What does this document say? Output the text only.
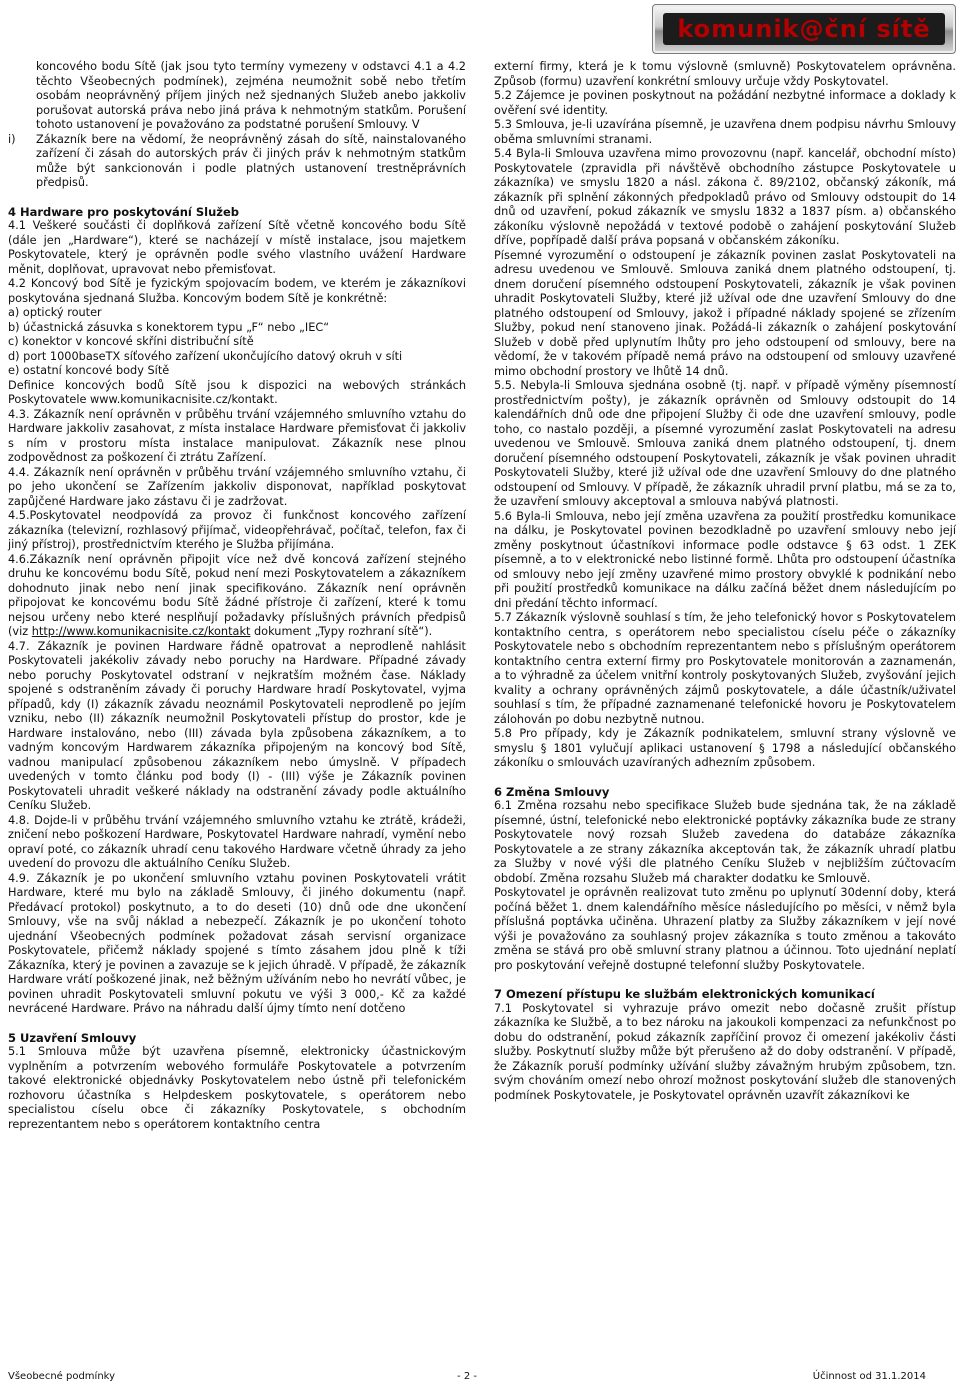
komunik@ční sítě

koncového bodu Sítě (jak jsou tyto termíny vymezeny v odstavci 4.1 a 4.2 těchto Všeobecných podmínek), zejména neumožnit sobě nebo třetím osobám neoprávněný příjem jiných než sjednaných Služeb anebo jakkoliv porušovat autorská práva nebo jiná práva k nehmotným statkům. Porušení tohoto ustanovení je považováno za podstatné porušení Smlouvy. V

i) Zákazník bere na vědomí, že neoprávněný zásah do sítě, nainstalovaného zařízení či zásah do autorských práv či jiných práv k nehmotným statkům může být sankcionován i podle platných ustanovení trestněprávních předpisů.

4 Hardware pro poskytování Služeb

4.1 Veškeré součásti či doplňková zařízení Sítě včetně koncového bodu Sítě (dále jen „Hardware“), které se nacházejí v místě instalace, jsou majetkem Poskytovatele, který je oprávněn podle svého vlastního uvážení Hardware měnit, doplňovat, upravovat nebo přemisťovat.

4.2 Koncový bod Sítě je fyzickým spojovacím bodem, ve kterém je zákazníkovi poskytována sjednaná Služba. Koncovým bodem Sítě je konkrétně:

a) optický router

b) účastnická zásuvka s konektorem typu „F“ nebo „IEC“

c) konektor v koncové skříni distribuční sítě

d) port 1000baseTX síťového zařízení ukončujícího datový okruh v síti

e) ostatní koncové body Sítě

Definice koncových bodů Sítě jsou k dispozici na webových stránkách Poskytovatele www.komunikacnisite.cz/kontakt.

4.3. Zákazník není oprávněn v průběhu trvání vzájemného smluvního vztahu do Hardware jakkoliv zasahovat, z místa instalace Hardware přemisťovat či jakkoliv s ním v prostoru místa instalace manipulovat. Zákazník nese plnou zodpovědnost za poškození či ztrátu Zařízení.

4.4. Zákazník není oprávněn v průběhu trvání vzájemného smluvního vztahu, či po jeho ukončení se Zařízením jakkoliv disponovat, například poskytovat zapůjčené Hardware jako zástavu či je zadržovat.

4.5.Poskytovatel neodpovídá za provoz či funkčnost koncového zařízení zákazníka (televizní, rozhlasový přijímač, videopřehrávač, počítač, telefon, fax či jiný přístroj), prostřednictvím kterého je Služba přijímána.

4.6.Zákazník není oprávněn připojit více než dvě koncová zařízení stejného druhu ke koncovému bodu Sítě, pokud není mezi Poskytovatelem a zákazníkem dohodnuto jinak nebo není jinak specifikováno. Zákazník není oprávněn připojovat ke koncovému bodu Sítě žádné přístroje či zařízení, které k tomu nejsou určeny nebo které nesplňují požadavky příslušných právních předpisů (viz http://www.komunikacnisite.cz/kontakt dokument „Typy rozhraní sítě“).

4.7. Zákazník je povinen Hardware řádně opatrovat a neprodleně nahlásit Poskytovateli jakékoliv závady nebo poruchy na Hardware. Případné závady nebo poruchy Poskytovatel odstraní v nejkratším možném čase. Náklady spojené s odstraněním závady či poruchy Hardware hradí Poskytovatel, vyjma případů, kdy (I) zákazník závadu neoznámil Poskytovateli neprodleně po jejím vzniku, nebo (II) zákazník neumožnil Poskytovateli přístup do prostor, kde je Hardware instalováno, nebo (III) závada byla způsobena zákazníkem, a to vadným koncovým Hardwarem zákazníka připojeným na koncový bod Sítě, vadnou manipulací způsobenou zákazníkem nebo úmyslně. V případech uvedených v tomto článku pod body (I) - (III) výše je Zákazník povinen Poskytovateli uhradit veškeré náklady na odstranění závady podle aktuálního Ceníku Služeb.

4.8. Dojde-li v průběhu trvání vzájemného smluvního vztahu ke ztrátě, krádeži, zničení nebo poškození Hardware, Poskytovatel Hardware nahradí, vymění nebo opraví poté, co zákazník uhradí cenu takového Hardware včetně úhrady za jeho uvedení do provozu dle aktuálního Ceníku Služeb.

4.9. Zákazník je po ukončení smluvního vztahu povinen Poskytovateli vrátit Hardware, které mu bylo na základě Smlouvy, či jiného dokumentu (např. Předávací protokol) poskytnuto, a to do deseti (10) dnů ode dne ukončení Smlouvy, vše na svůj náklad a nebezpečí. Zákazník je po ukončení tohoto ujednání Všeobecných podmínek požadovat zásah servisní organizace Poskytovatele, přičemž náklady spojené s tímto zásahem jdou plně k tíži Zákazníka, který je povinen a zavazuje se k jejich úhradě. V případě, že zákazník Hardware vrátí poškozené jinak, než běžným užíváním nebo ho nevrátí vůbec, je povinen uhradit Poskytovateli smluvní pokutu ve výši 3 000,- Kč za každé nevrácené Hardware. Právo na náhradu další újmy tímto není dotčeno

5 Uzavření Smlouvy

5.1 Smlouva může být uzavřena písemně, elektronicky účastnickovým vyplněním a potvrzením webového formuláře Poskytovatele a potvrzením takové elektronické objednávky Poskytovatelem nebo ústně při telefonickém rozhovoru účastníka s Helpdeskem poskytovatele, s operátorem nebo specialistou císelu obce či zákazníky Poskytovatele, s obchodním reprezentantem nebo s operátorem kontaktního centra

externí firmy, která je k tomu výslovně (smluvně) Poskytovatelem oprávněna. Způsob (formu) uzavření konkrétní smlouvy určuje vždy Poskytovatel.

5.2 Zájemce je povinen poskytnout na požádání nezbytné informace a doklady k ověření své identity.

5.3 Smlouva, je-li uzavírána písemně, je uzavřena dnem podpisu návrhu Smlouvy oběma smluvními stranami.

5.4 Byla-li Smlouva uzavřena mimo provozovnu (např. kancelář, obchodní místo) Poskytovatele (zpravidla při návštěvě obchodního zástupce Poskytovatele u zákazníka) ve smyslu 1820 a násl. zákona č. 89/2102, občanský zákoník, má zákazník při splnění zákonných předpokladů právo od Smlouvy odstoupit do 14 dnů od uzavření, pokud zákazník ve smyslu 1832 a 1837 písm. a) občanského zákoníku výslovně nepožádá v textové podobě o zahájení poskytování Služeb dříve, popřípadě další práva popsaná v občanském zákoníku.

Písemné vyrozumění o odstoupení je zákazník povinen zaslat Poskytovateli na adresu uvedenou ve Smlouvě. Smlouva zaniká dnem platného odstoupení, tj. dnem doručení písemného odstoupení Poskytovateli, zákazník je však povinen uhradit Poskytovateli Služby, které již užíval ode dne uzavření Smlouvy do dne platného odstoupení od Smlouvy, jakož i případné náklady spojené se zřízením Služby, pokud není stanoveno jinak. Požádá-li zákazník o zahájení poskytování Služeb v době před uplynutím lhůty pro jeho odstoupení od smlouvy, bere na vědomí, že v takovém případě nemá právo na odstoupení od smlouvy uzavřené mimo obchodní prostory ve lhůtě 14 dnů.

5.5. Nebyla-li Smlouva sjednána osobně (tj. např. v případě výměny písemností prostřednictvím pošty), je zákazník oprávněn od Smlouvy odstoupit do 14 kalendářních dnů ode dne připojení Služby či ode dne uzavření smlouvy, podle toho, co nastalo později, a písemné vyrozumění zaslat Poskytovateli na adresu uvedenou ve Smlouvě. Smlouva zaniká dnem platného odstoupení, tj. dnem doručení písemného odstoupení Poskytovateli, zákazník je však povinen uhradit Poskytovateli Služby, které již užíval ode dne uzavření Smlouvy do dne platného odstoupení od Smlouvy. V případě, že zákazník uhradil první platbu, má se za to, že uzavření smlouvy akceptoval a smlouva nabývá platnosti.

5.6 Byla-li Smlouva, nebo její změna uzavřena za použití prostředku komunikace na dálku, je Poskytovatel povinen bezodkladně po uzavření smlouvy nebo její změny poskytnout účastníkovi informace podle odstavce § 63 odst. 1 ZEK písemně, a to v elektronické nebo listinné formě. Lhůta pro odstoupení účastníka od smlouvy nebo její změny uzavřené mimo prostory obvyklé k podnikání nebo při použití prostředků komunikace na dálku začíná běžet dnem následujícím po dni předání těchto informací.

5.7 Zákazník výslovně souhlasí s tím, že jeho telefonický hovor s Poskytovatelem kontaktního centra, s operátorem nebo specialistou císelu péče o zákazníky Poskytovatele nebo s obchodním reprezentantem nebo s příslušným operátorem kontaktního centra externí firmy pro Poskytovatele monitorován a zaznamenán, a to výhradně za účelem vnitřní kontroly poskytovaných Služeb, zvyšování jejich kvality a ochrany oprávněných zájmů poskytovatele, a dále účastník/uživatel souhlasí s tím, že případné zaznamenané telefonické hovoru je Poskytovatelem zálohován po dobu nezbytně nutnou.

5.8 Pro případy, kdy je Zákazník podnikatelem, smluvní strany výslovně ve smyslu § 1801 vylučují aplikaci ustanovení § 1798 a následující občanského zákoníku o smlouvách uzavíraných adhezním způsobem.

6 Změna Smlouvy

6.1 Změna rozsahu nebo specifikace Služeb bude sjednána tak, že na základě písemné, ústní, telefonické nebo elektronické poptávky zákazníka bude ze strany Poskytovatele nový rozsah Služeb zavedena do databáze zákazníka Poskytovatele a ze strany zákazníka akceptován tak, že zákazník uhradí platbu za Služby v nové výši dle platného Ceníku Služeb v nejbližším zúčtovacím období. Změna rozsahu Služeb má charakter dodatku ke Smlouvě.

Poskytovatel je oprávněn realizovat tuto změnu po uplynutí 30denní doby, která počíná běžet 1. dnem kalendářního měsíce následujícího po měsíci, v němž byla příslušná poptávka učiněna. Uhrazení platby za Služby zákazníkem v její nové výši je považováno za souhlasný projev zákazníka s touto změnou a takováto změna se stává pro obě smluvní strany platnou a účinnou. Toto ujednání neplatí pro poskytování veřejně dostupné telefonní služby Poskytovatele.

7 Omezení přístupu ke službám elektronických komunikací

7.1 Poskytovatel si vyhrazuje právo omezit nebo dočasně zrušit přístup zákazníka ke Službě, a to bez nároku na jakoukoli kompenzaci za nefunkčnost po dobu do odstranění, pokud zákazník zapříčiní provoz či omezení jakékoliv části služby. Poskytnutí služby může být přerušeno až do doby odstranění. V případě, že Zákazník poruší podmínky užívání služby závažným hrubým způsobem, tzn. svým chováním omezí nebo ohrozí možnost poskytování služeb dle stanovených podmínek Poskytovatele, je Poskytovatel oprávněn uzavřít zákazníkovi ke

Všeobecné podmínky	- 2 -	Účinnost od 31.1.2014
